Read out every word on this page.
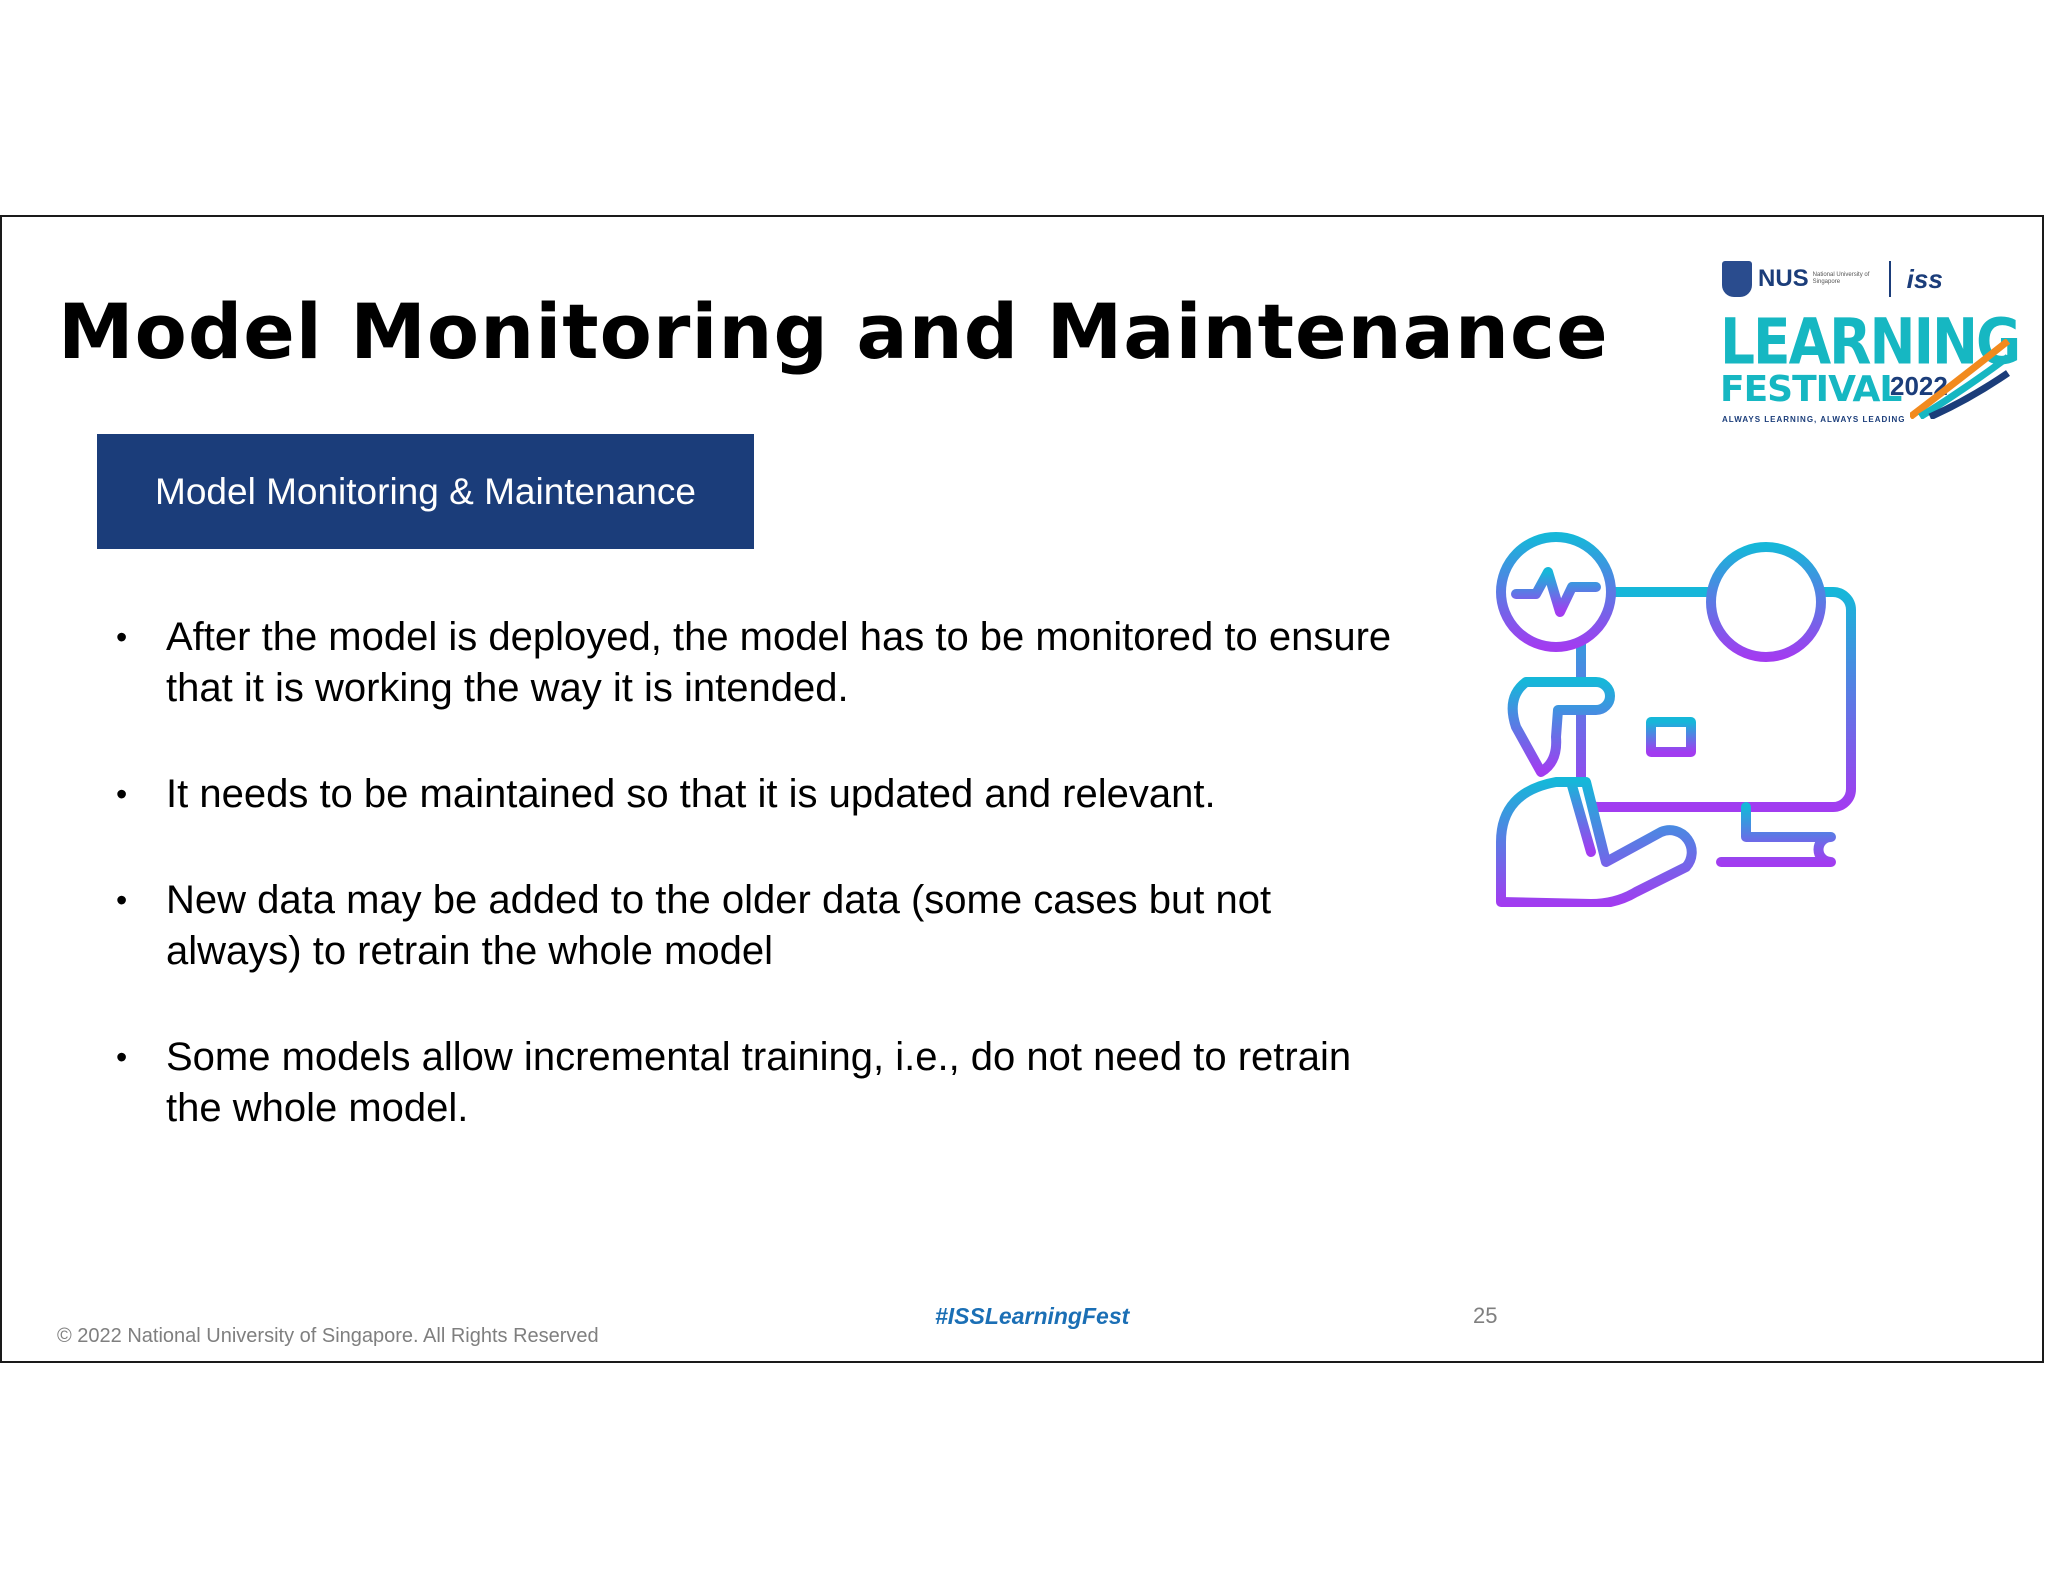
Model Monitoring and Maintenance
Model Monitoring & Maintenance
• After the model is deployed, the model has to be monitored to ensure that it is working the way it is intended.
• It needs to be maintained so that it is updated and relevant.
• New data may be added to the older data (some cases but not always) to retrain the whole model
• Some models allow incremental training, i.e., do not need to retrain the whole model.
NUS National University of Singapore	iss
LEARNING
FESTIVAL
2022
ALWAYS LEARNING, ALWAYS LEADING
© 2022 National University of Singapore. All Rights Reserved
#ISSLearningFest	25
